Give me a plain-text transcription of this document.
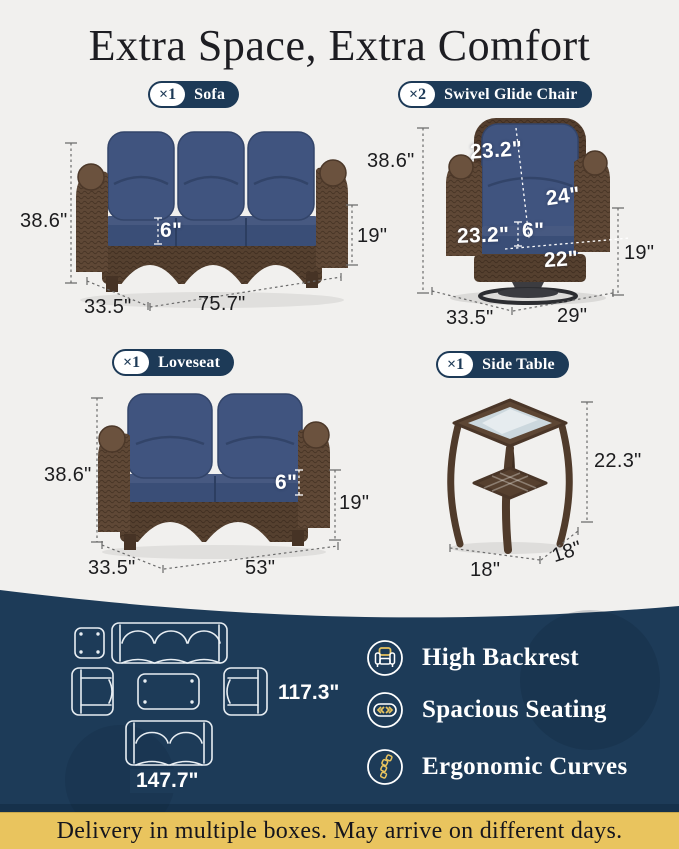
Extra Space, Extra Comfort
×1	Sofa	×2	Swivel Glide Chair
×1	Loveseat	×1	Side Table
38.6"	6"	19"
33.5"	75.7"
38.6"	23.2"
24"
23.2" 6"
22" 19"
33.5"	29"
38.6"	6"
19"
33.5"	53"
22.3"
18"
18"
117.3"
147.7"
High Backrest
Spacious Seating
Ergonomic Curves
Delivery in multiple boxes. May arrive on different days.
